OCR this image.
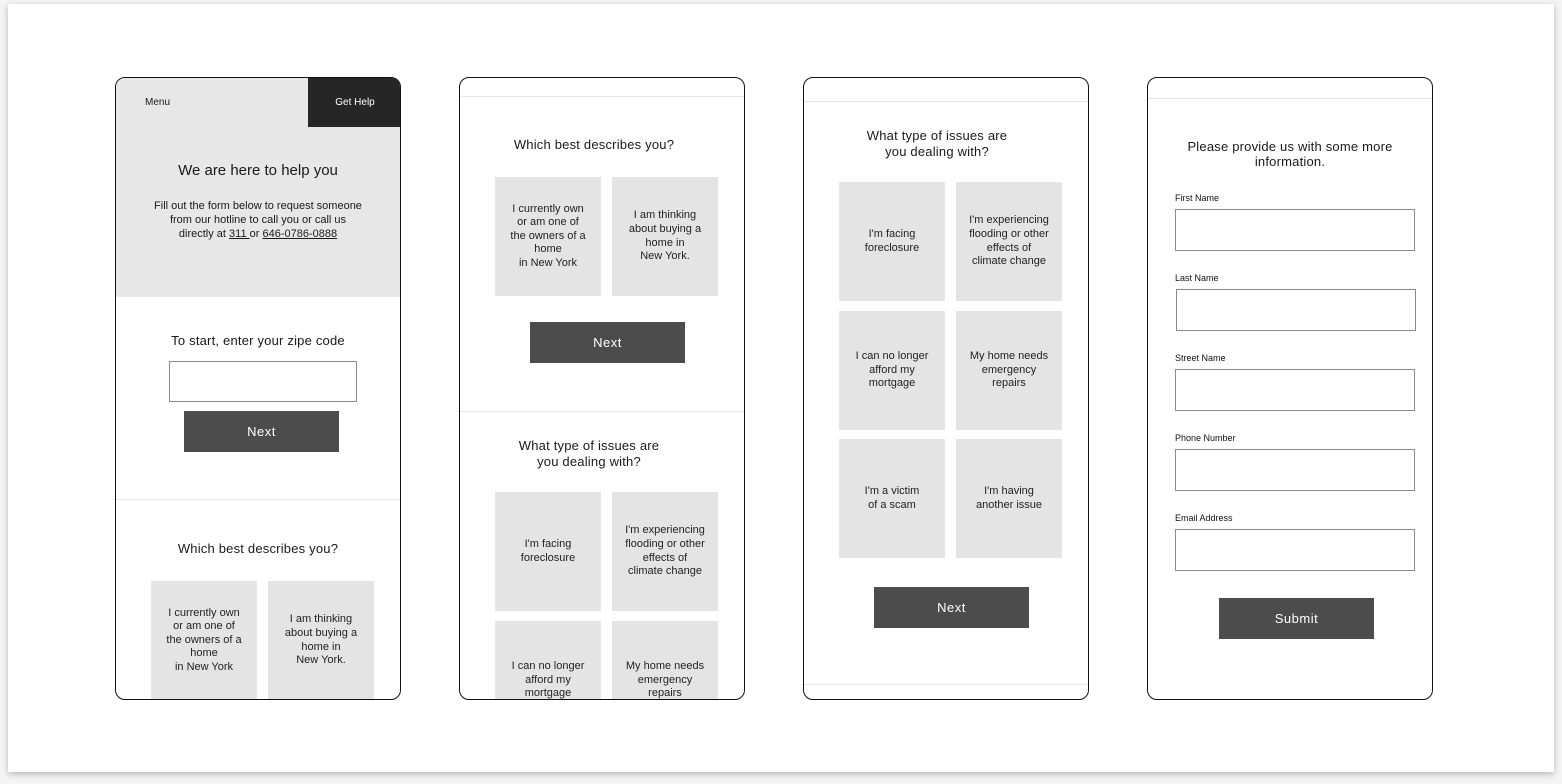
Menu	Get Help
We are here to help you
Fill out the form below to request someone
from our hotline to call you or call us
directly at 311 or 646-0786-0888
To start, enter your zipe code
Next
Which best describes you?
I currently own
or am one of
the owners of a
home
in New York
I am thinking
about buying a
home in
New York.
Which best describes you?
I currently own
or am one of
the owners of a
home
in New York
I am thinking
about buying a
home in
New York.
Next
What type of issues are
you dealing with?
I'm facing
foreclosure
I'm experiencing
flooding or other
effects of
climate change
I can no longer
afford my
mortgage
My home needs
emergency
repairs
What type of issues are
you dealing with?
I'm facing
foreclosure
I'm experiencing
flooding or other
effects of
climate change
I can no longer
afford my
mortgage
My home needs
emergency
repairs
I'm a victim
of a scam
I'm having
another issue
Next
Please provide us with some more
information.
First Name
Last Name
Street Name
Phone Number
Email Address
Submit
